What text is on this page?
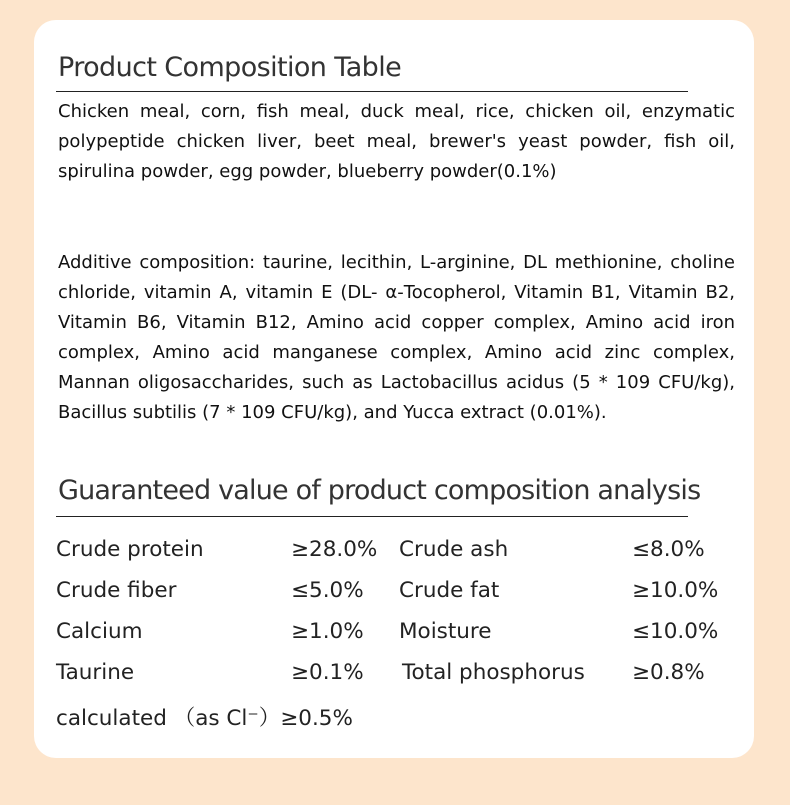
Product Composition Table

Chicken meal, corn, fish meal, duck meal, rice, chicken oil, enzymatic polypeptide chicken liver, beet meal, brewer's yeast powder, fish oil, spirulina powder, egg powder, blueberry powder(0.1%)

Additive composition: taurine, lecithin, L-arginine, DL methionine, choline chloride, vitamin A, vitamin E (DL- α-Tocopherol, Vitamin B1, Vitamin B2, Vitamin B6, Vitamin B12, Amino acid copper complex, Amino acid iron complex, Amino acid manganese complex, Amino acid zinc complex, Mannan oligosaccharides, such as Lactobacillus acidus (5 * 109 CFU/kg), Bacillus subtilis (7 * 109 CFU/kg), and Yucca extract (0.01%).

Guaranteed value of product composition analysis
Crude protein	≥28.0% Crude ash	≤8.0%
Crude fiber	≤5.0% Crude fat	≥10.0%
Calcium	≥1.0% Moisture	≤10.0%
Taurine	≥0.1% Total phosphorus ≥0.8%
calculated （as Cl⁻）≥0.5%
